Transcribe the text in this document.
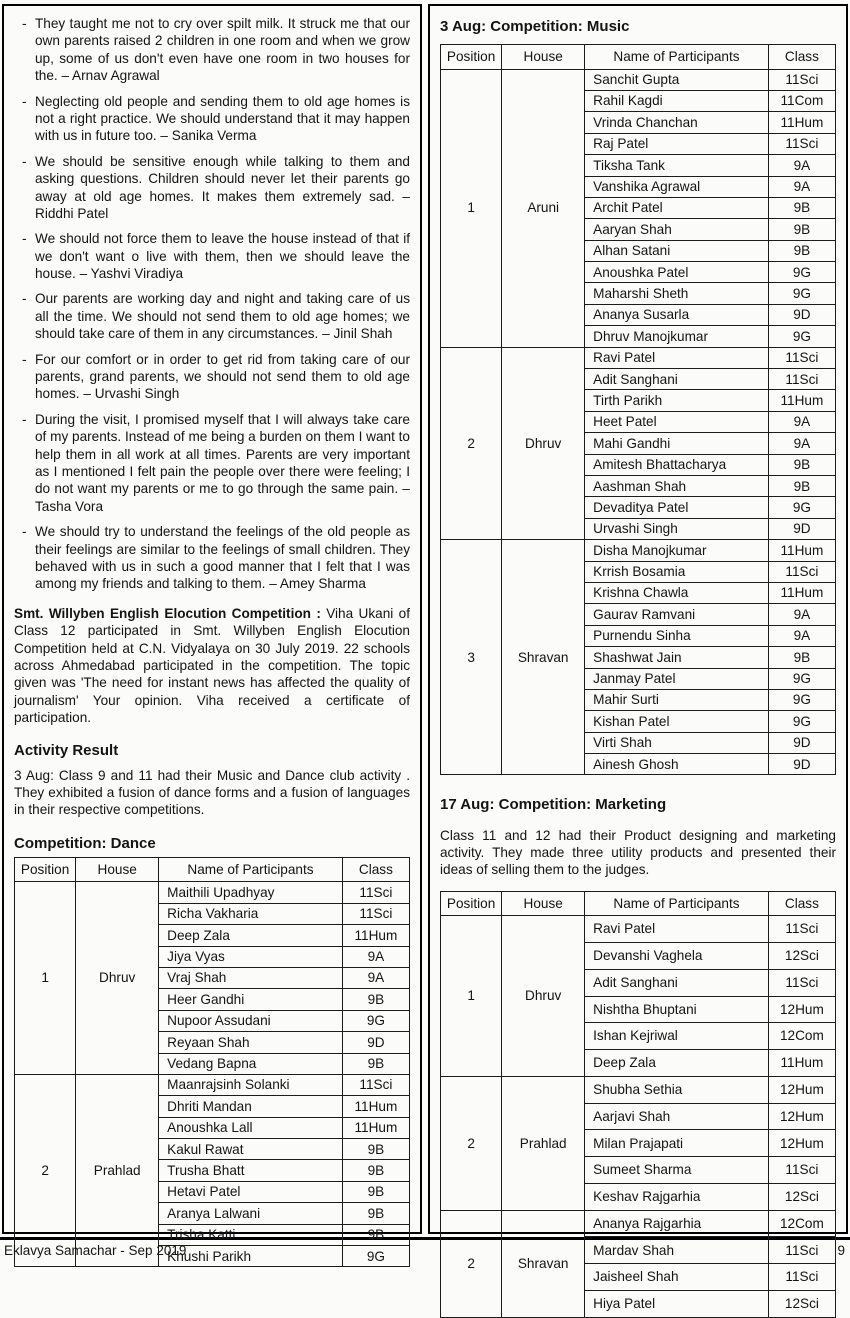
- They taught me not to cry over spilt milk. It struck me that our own parents raised 2 children in one room and when we grow up, some of us don't even have one room in two houses for the. – Arnav Agrawal
- Neglecting old people and sending them to old age homes is not a right practice. We should understand that it may happen with us in future too. – Sanika Verma
- We should be sensitive enough while talking to them and asking questions. Children should never let their parents go away at old age homes. It makes them extremely sad. – Riddhi Patel
- We should not force them to leave the house instead of that if we don't want o live with them, then we should leave the house. – Yashvi Viradiya
- Our parents are working day and night and taking care of us all the time. We should not send them to old age homes; we should take care of them in any circumstances. – Jinil Shah
- For our comfort or in order to get rid from taking care of our parents, grand parents, we should not send them to old age homes. – Urvashi Singh
- During the visit, I promised myself that I will always take care of my parents. Instead of me being a burden on them I want to help them in all work at all times. Parents are very important as I mentioned I felt pain the people over there were feeling; I do not want my parents or me to go through the same pain. – Tasha Vora
- We should try to understand the feelings of the old people as their feelings are similar to the feelings of small children. They behaved with us in such a good manner that I felt that I was among my friends and talking to them. – Amey Sharma

Smt. Willyben English Elocution Competition : Viha Ukani of Class 12 participated in Smt. Willyben English Elocution Competition held at C.N. Vidyalaya on 30 July 2019. 22 schools across Ahmedabad participated in the competition. The topic given was 'The need for instant news has affected the quality of journalism' Your opinion. Viha received a certificate of participation.

Activity Result

3 Aug: Class 9 and 11 had their Music and Dance club activity . They exhibited a fusion of dance forms and a fusion of languages in their respective competitions.

Competition: Dance
Position	House	Name of Participants	Class
1	Dhruv	Maithili Upadhyay	11Sci
		Richa Vakharia	11Sci
		Deep Zala	11Hum
		Jiya Vyas	9A
		Vraj Shah	9A
		Heer Gandhi	9B
		Nupoor Assudani	9G
		Reyaan Shah	9D
		Vedang Bapna	9B
2	Prahlad	Maanrajsinh Solanki	11Sci
		Dhriti Mandan	11Hum
		Anoushka Lall	11Hum
		Kakul Rawat	9B
		Trusha Bhatt	9B
		Hetavi Patel	9B
		Aranya Lalwani	9B
		Trisha Katti	9B
		Khushi Parikh	9G
3 Aug: Competition: Music
Position	House	Name of Participants	Class
1	Aruni	Sanchit Gupta	11Sci
		Rahil Kagdi	11Com
		Vrinda Chanchan	11Hum
		Raj Patel	11Sci
		Tiksha Tank	9A
		Vanshika Agrawal	9A
		Archit Patel	9B
		Aaryan Shah	9B
		Alhan Satani	9B
		Anoushka Patel	9G
		Maharshi Sheth	9G
		Ananya Susarla	9D
		Dhruv Manojkumar	9G
2	Dhruv	Ravi Patel	11Sci
		Adit Sanghani	11Sci
		Tirth Parikh	11Hum
		Heet Patel	9A
		Mahi Gandhi	9A
		Amitesh Bhattacharya	9B
		Aashman Shah	9B
		Devaditya Patel	9G
		Urvashi Singh	9D
3	Shravan	Disha Manojkumar	11Hum
		Krrish Bosamia	11Sci
		Krishna Chawla	11Hum
		Gaurav Ramvani	9A
		Purnendu Sinha	9A
		Shashwat Jain	9B
		Janmay Patel	9G
		Mahir Surti	9G
		Kishan Patel	9G
		Virti Shah	9D
		Ainesh Ghosh	9D
17 Aug: Competition: Marketing

Class 11 and 12 had their Product designing and marketing activity. They made three utility products and presented their ideas of selling them to the judges.

Position	House	Name of Participants	Class
1	Dhruv	Ravi Patel	11Sci
		Devanshi Vaghela	12Sci
		Adit Sanghani	11Sci
		Nishtha Bhuptani	12Hum
		Ishan Kejriwal	12Com
		Deep Zala	11Hum
2	Prahlad	Shubha Sethia	12Hum
		Aarjavi Shah	12Hum
		Milan Prajapati	12Hum
		Sumeet Sharma	11Sci
		Keshav Rajgarhia	12Sci
2	Shravan	Ananya Rajgarhia	12Com
		Mardav Shah	11Sci
		Jaisheel Shah	11Sci
		Hiya Patel	12Sci
Eklavya Samachar - Sep 2019	9
